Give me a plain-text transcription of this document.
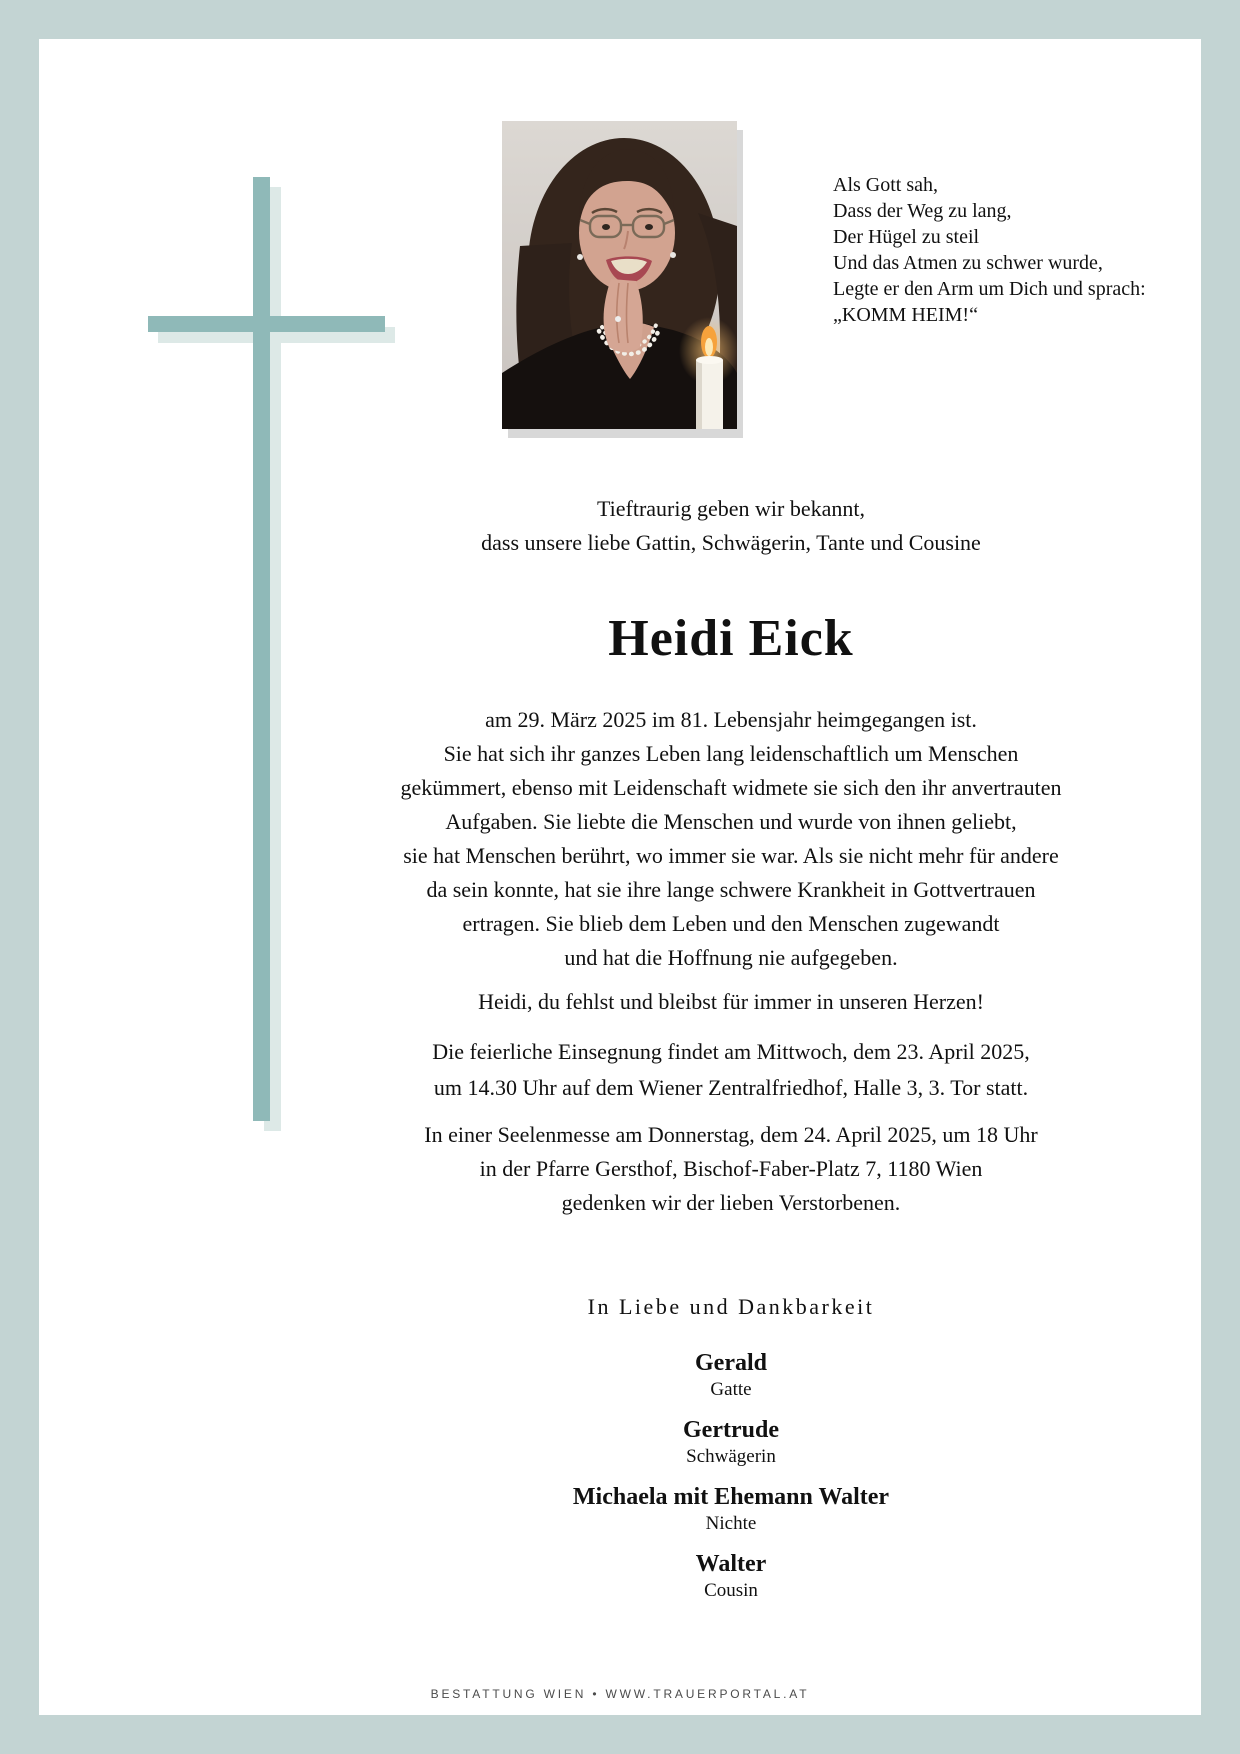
Als Gott sah,
Dass der Weg zu lang,
Der Hügel zu steil
Und das Atmen zu schwer wurde,
Legte er den Arm um Dich und sprach:
„KOMM HEIM!“
Tieftraurig geben wir bekannt,
dass unsere liebe Gattin, Schwägerin, Tante und Cousine
Heidi Eick
am 29. März 2025 im 81. Lebensjahr heimgegangen ist.
Sie hat sich ihr ganzes Leben lang leidenschaftlich um Menschen
gekümmert, ebenso mit Leidenschaft widmete sie sich den ihr anvertrauten
Aufgaben. Sie liebte die Menschen und wurde von ihnen geliebt,
sie hat Menschen berührt, wo immer sie war. Als sie nicht mehr für andere
da sein konnte, hat sie ihre lange schwere Krankheit in Gottvertrauen
ertragen. Sie blieb dem Leben und den Menschen zugewandt
und hat die Hoffnung nie aufgegeben.
Heidi, du fehlst und bleibst für immer in unseren Herzen!
Die feierliche Einsegnung findet am Mittwoch, dem 23. April 2025,
um 14.30 Uhr auf dem Wiener Zentralfriedhof, Halle 3, 3. Tor statt.
In einer Seelenmesse am Donnerstag, dem 24. April 2025, um 18 Uhr
in der Pfarre Gersthof, Bischof-Faber-Platz 7, 1180 Wien
gedenken wir der lieben Verstorbenen.
In Liebe und Dankbarkeit
Gerald
Gatte
Gertrude
Schwägerin
Michaela mit Ehemann Walter
Nichte
Walter
Cousin
BESTATTUNG WIEN • WWW.TRAUERPORTAL.AT
